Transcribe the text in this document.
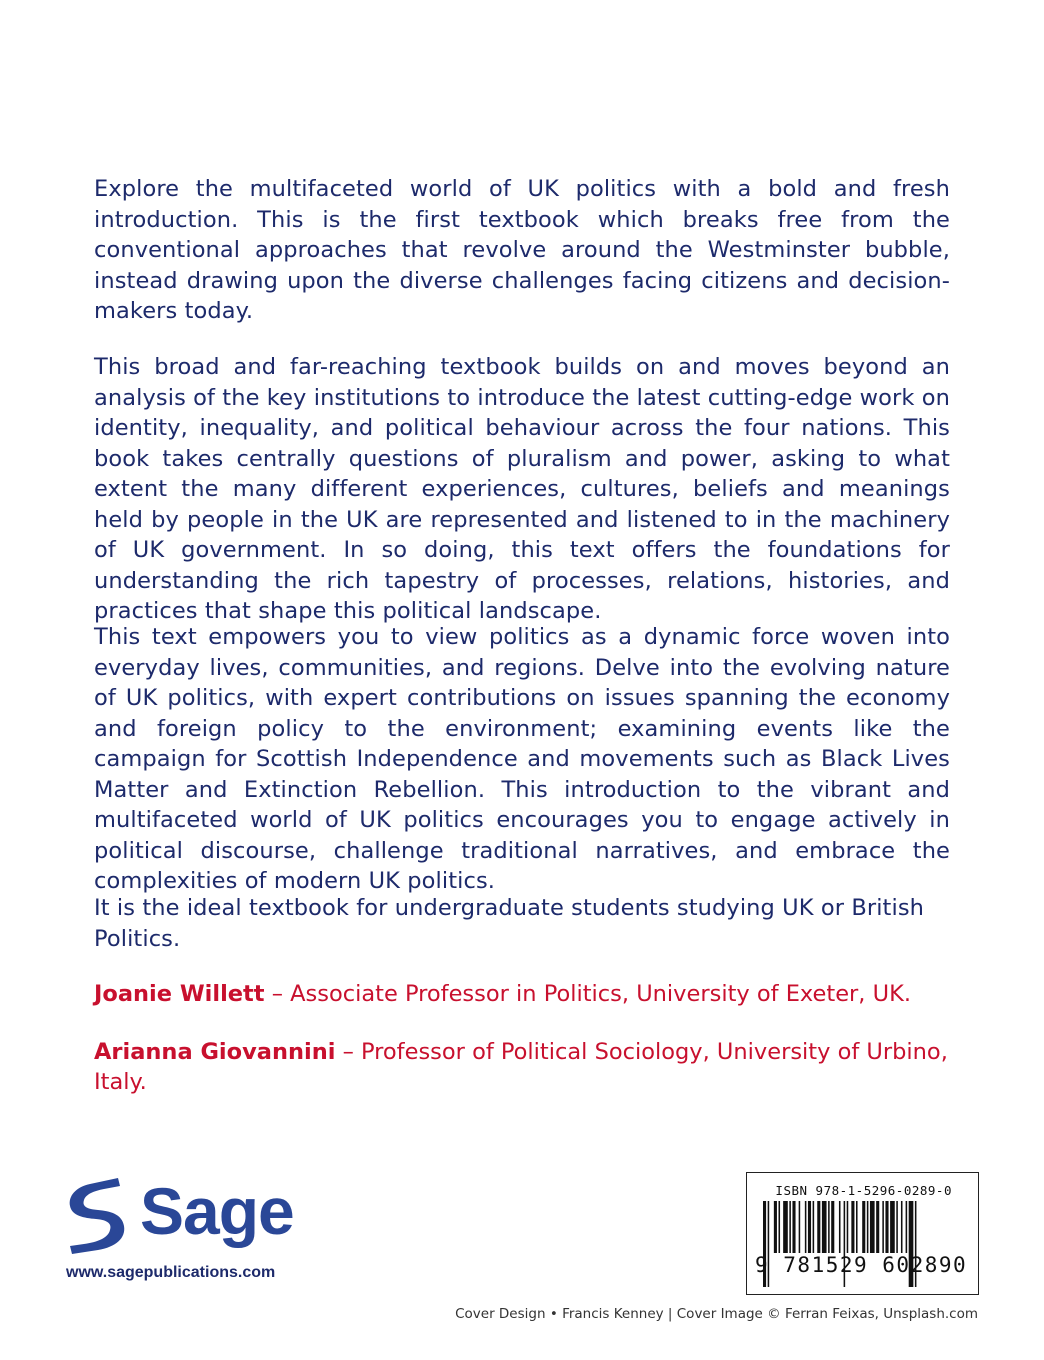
Explore the multifaceted world of UK politics with a bold and fresh introduction. This is the first textbook which breaks free from the conventional approaches that revolve around the Westminster bubble, instead drawing upon the diverse challenges facing citizens and decision-makers today.

This broad and far-reaching textbook builds on and moves beyond an analysis of the key institutions to introduce the latest cutting-edge work on identity, inequality, and political behaviour across the four nations. This book takes centrally questions of pluralism and power, asking to what extent the many different experiences, cultures, beliefs and meanings held by people in the UK are represented and listened to in the machinery of UK government. In so doing, this text offers the foundations for understanding the rich tapestry of processes, relations, histories, and practices that shape this political landscape.

This text empowers you to view politics as a dynamic force woven into everyday lives, communities, and regions. Delve into the evolving nature of UK politics, with expert contributions on issues spanning the economy and foreign policy to the environment; examining events like the campaign for Scottish Independence and movements such as Black Lives Matter and Extinction Rebellion. This introduction to the vibrant and multifaceted world of UK politics encourages you to engage actively in political discourse, challenge traditional narratives, and embrace the complexities of modern UK politics.

It is the ideal textbook for undergraduate students studying UK or British Politics.

Joanie Willett – Associate Professor in Politics, University of Exeter, UK.

Arianna Giovannini – Professor of Political Sociology, University of Urbino, Italy.

Sage
www.sagepublications.com
ISBN 978-1-5296-0289-0
9 781529 602890
Cover Design • Francis Kenney | Cover Image © Ferran Feixas, Unsplash.com
